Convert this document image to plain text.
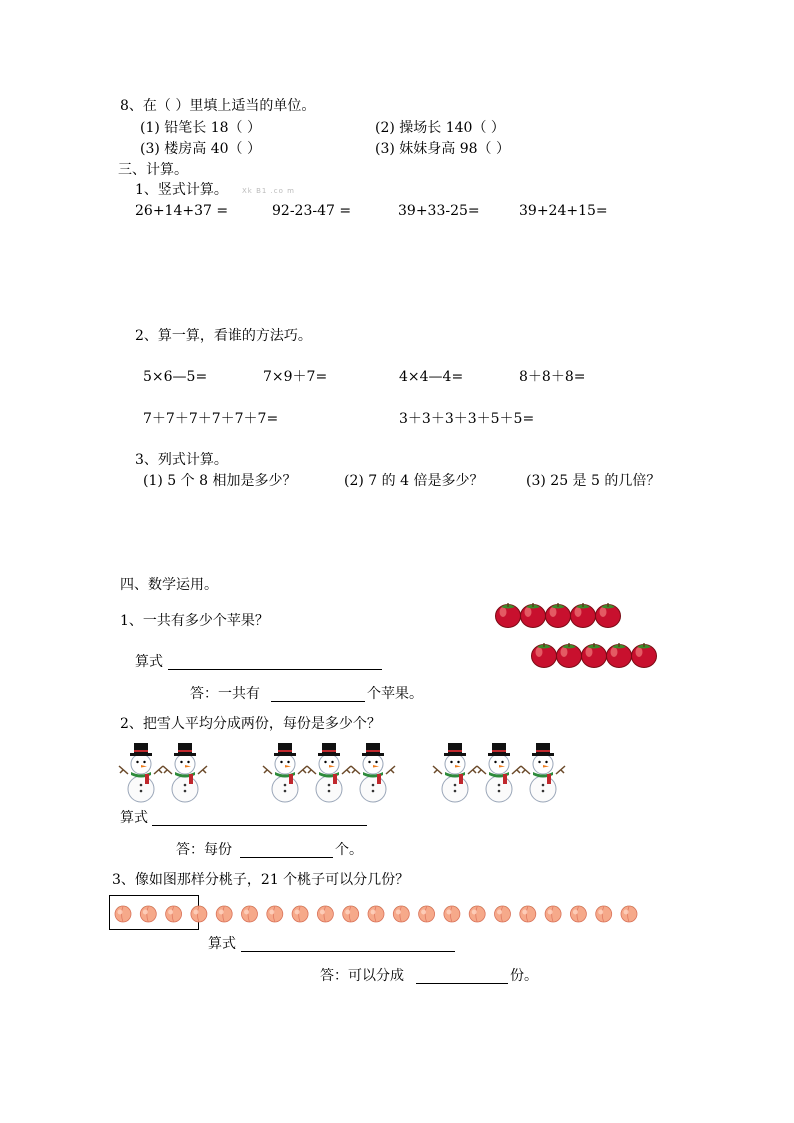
8、在（ ）里填上适当的单位。
(1) 铅笔长 18（ ）	(2) 操场长 140（ ）
(3) 楼房高 40（ ）	(3) 妹妹身高 98（ ）
三、计算。
1、竖式计算。 Xk B1 .co m
26+14+37 =	92-23-47 =	39+33-25=	39+24+15=
2、算一算，看谁的方法巧。
5×6—5=	7×9＋7=	4×4—4=	8＋8＋8=
7＋7＋7＋7＋7＋7=	3＋3＋3＋3＋5＋5=
3、列式计算。
(1) 5 个 8 相加是多少？	(2) 7 的 4 倍是多少？	(3) 25 是 5 的几倍？
四、数学运用。
1、一共有多少个苹果？
算式
答：一共有	个苹果。
2、把雪人平均分成两份，每份是多少个？
算式
答：每份	个。
3、像如图那样分桃子，21 个桃子可以分几份？
算式
答：可以分成	份。
